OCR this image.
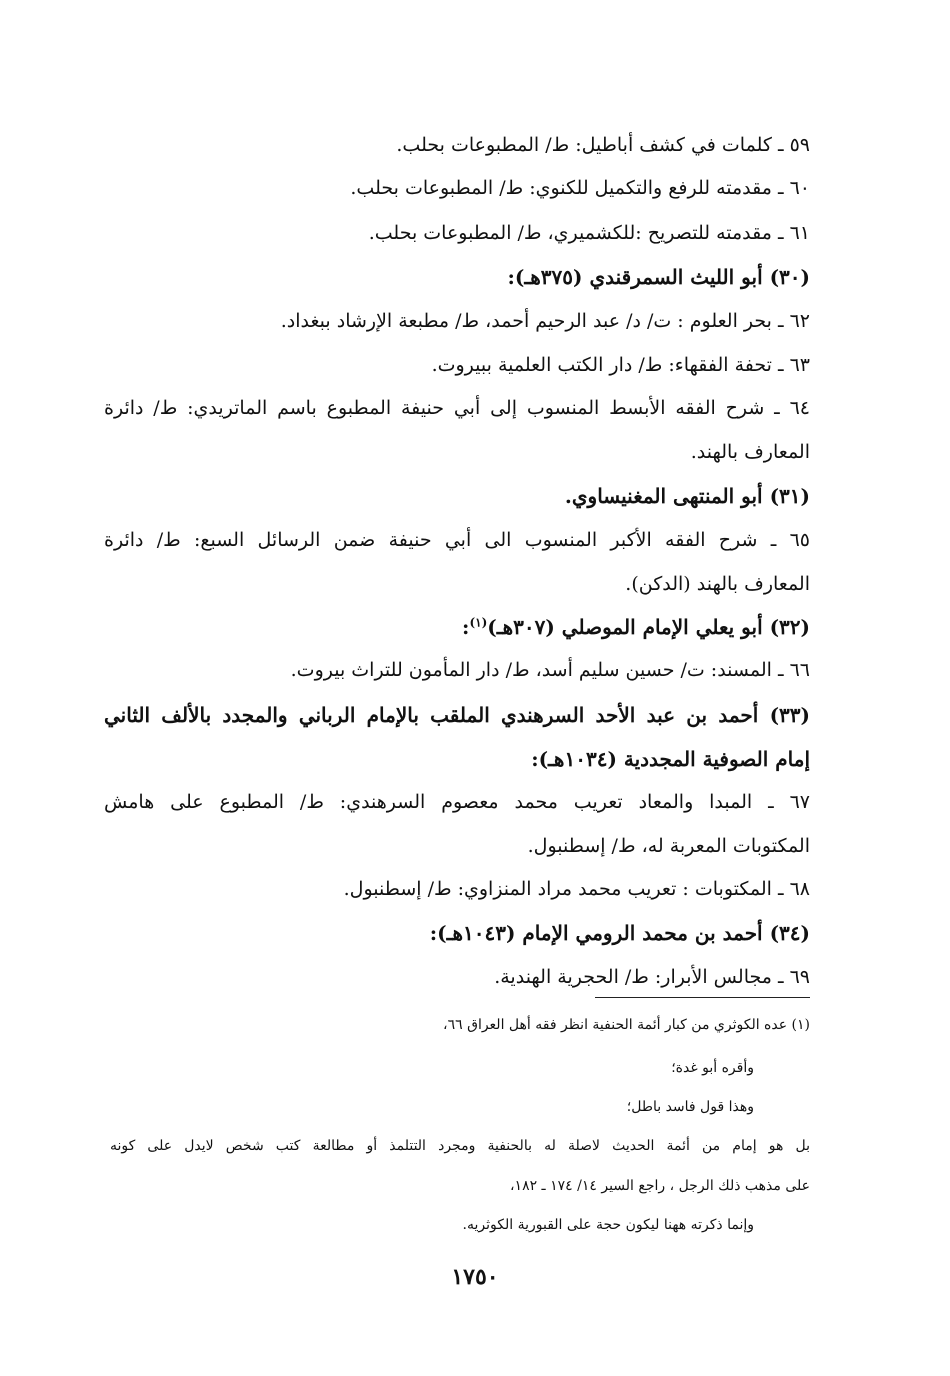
٥٩ ـ كلمات في كشف أباطيل: ط/ المطبوعات بحلب.
٦٠ ـ مقدمته للرفع والتكميل للكنوي: ط/ المطبوعات بحلب.
٦١ ـ مقدمته للتصريح :للكشميري، ط/ المطبوعات بحلب.
(٣٠) أبو الليث السمرقندي (٣٧٥هـ):
٦٢ ـ بحر العلوم : ت/ د/ عبد الرحيم أحمد، ط/ مطبعة الإرشاد ببغداد.
٦٣ ـ تحفة الفقهاء: ط/ دار الكتب العلمية ببيروت.
٦٤ ـ شرح الفقه الأبسط المنسوب إلى أبي حنيفة المطبوع باسم الماتريدي: ط/ دائرة
المعارف بالهند.
(٣١) أبو المنتهى المغنيساوي.
٦٥ ـ شرح الفقه الأكبر المنسوب الى أبي حنيفة ضمن الرسائل السبع: ط/ دائرة
المعارف بالهند (الدكن).
(٣٢) أبو يعلي الإمام الموصلي (٣٠٧هـ)$^{(١)}$:
٦٦ ـ المسند: ت/ حسين سليم أسد، ط/ دار المأمون للتراث بيروت.
(٣٣) أحمد بن عبد الأحد السرهندي الملقب بالإمام الرباني والمجدد بالألف الثاني
إمام الصوفية المجددية (١٠٣٤هـ):
٦٧ ـ المبدا والمعاد تعريب محمد معصوم السرهندي: ط/ المطبوع على هامش
المكتوبات المعربة له، ط/ إسطنبول.
٦٨ ـ المكتوبات : تعريب محمد مراد المنزاوي: ط/ إسطنبول.
(٣٤) أحمد بن محمد الرومي الإمام (١٠٤٣هـ):
٦٩ ـ مجالس الأبرار: ط/ الحجرية الهندية.
(١) عده الكوثري من كبار أئمة الحنفية انظر فقه أهل العراق ٦٦،
وأقره أبو غدة؛
وهذا قول فاسد باطل؛
بل هو إمام من أئمة الحديث لاصلة له بالحنفية ومجرد التتلمذ أو مطالعة كتب شخص لايدل على كونه
على مذهب ذلك الرجل ، راجع السير ١٤/ ١٧٤ ـ ١٨٢،
وإنما ذكرته ههنا ليكون حجة على القبورية الكوثريه.
١٧٥٠
